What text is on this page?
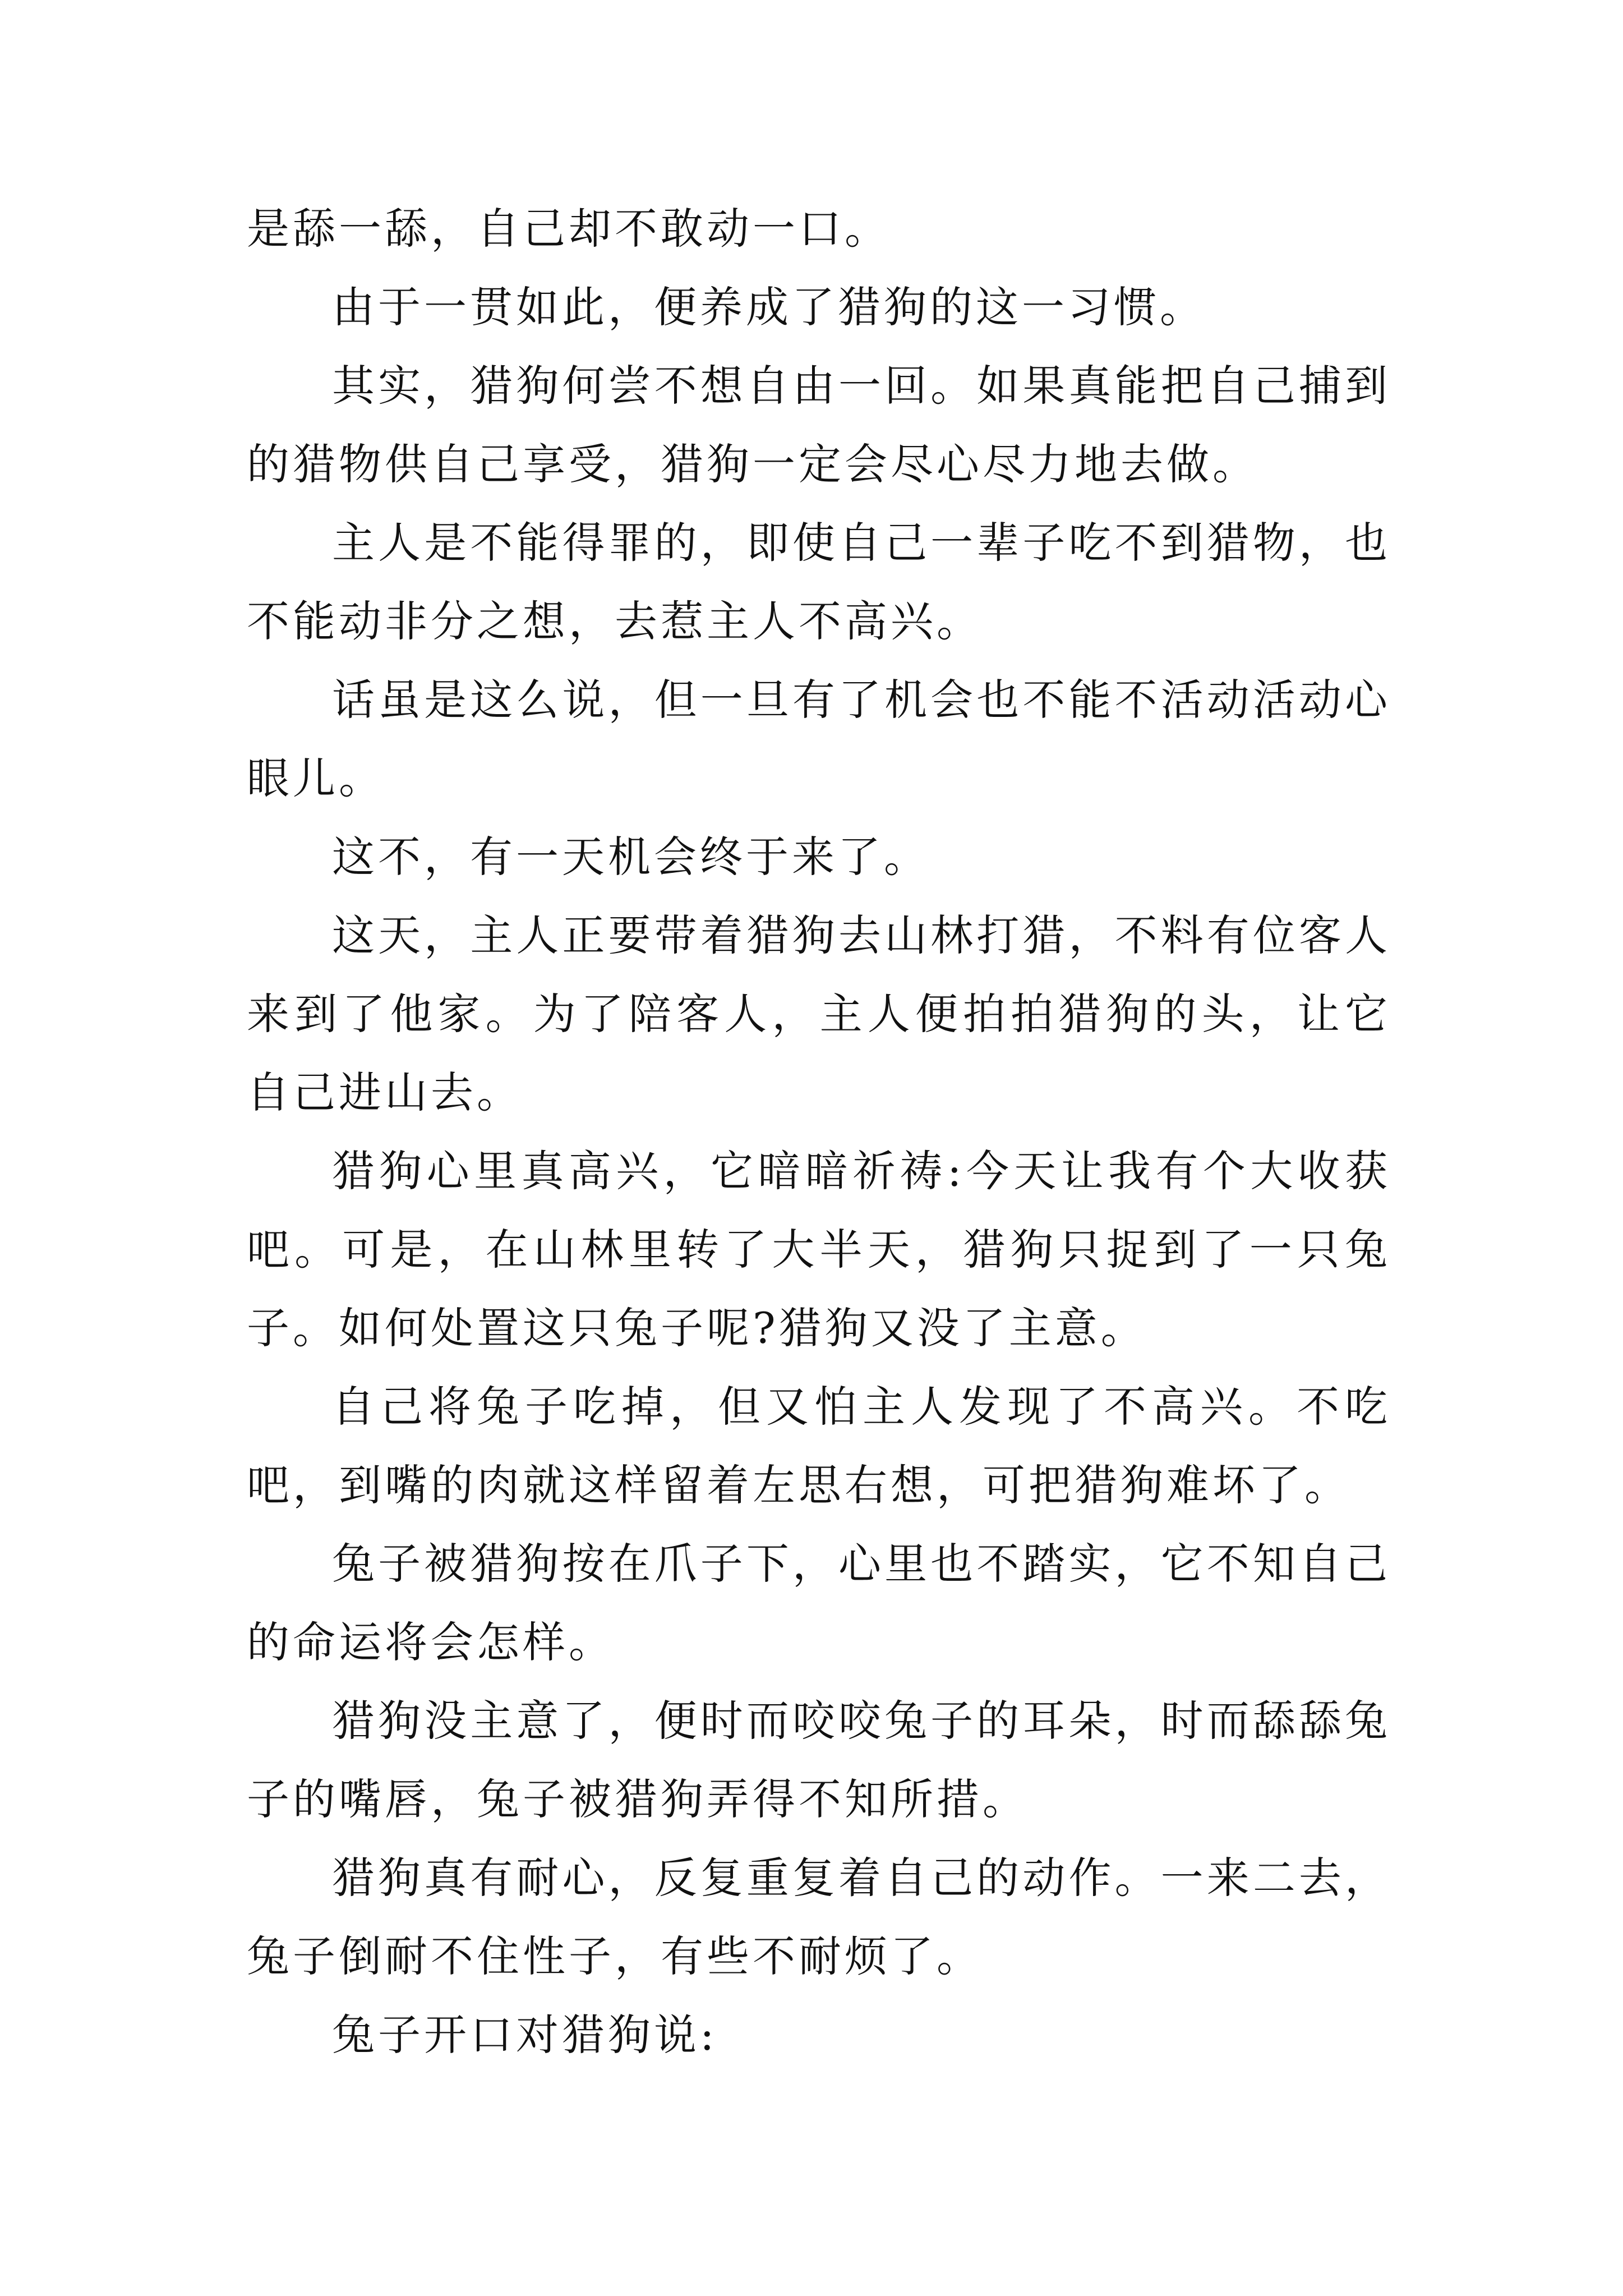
是舔一舔，自己却不敢动一口。

由于一贯如此，便养成了猎狗的这一习惯。

其实，猎狗何尝不想自由一回。如果真能把自己捕到的猎物供自己享受，猎狗一定会尽心尽力地去做。

主人是不能得罪的，即使自己一辈子吃不到猎物，也不能动非分之想，去惹主人不高兴。

话虽是这么说，但一旦有了机会也不能不活动活动心眼儿。

这不，有一天机会终于来了。

这天，主人正要带着猎狗去山林打猎，不料有位客人来到了他家。为了陪客人，主人便拍拍猎狗的头，让它自己进山去。

猎狗心里真高兴，它暗暗祈祷:今天让我有个大收获吧。可是，在山林里转了大半天，猎狗只捉到了一只兔子。如何处置这只兔子呢?猎狗又没了主意。

自己将兔子吃掉，但又怕主人发现了不高兴。不吃吧，到嘴的肉就这样留着左思右想，可把猎狗难坏了。

兔子被猎狗按在爪子下，心里也不踏实，它不知自己的命运将会怎样。

猎狗没主意了，便时而咬咬兔子的耳朵，时而舔舔兔子的嘴唇，兔子被猎狗弄得不知所措。

猎狗真有耐心，反复重复着自己的动作。一来二去，兔子倒耐不住性子，有些不耐烦了。

兔子开口对猎狗说:
